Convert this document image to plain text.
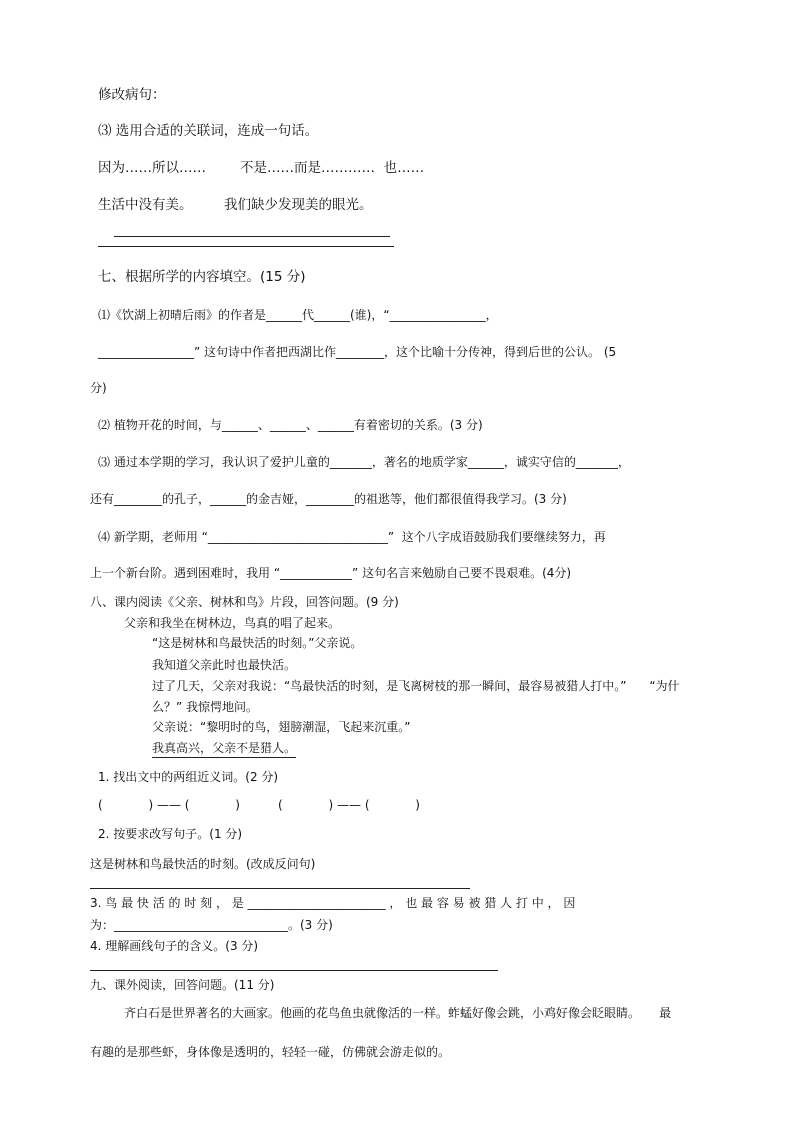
修改病句：
⑶ 选用合适的关联词，连成一句话。
因为……所以……	不是……而是…………  也……
生活中没有美。 我们缺少发现美的眼光。
七、根据所学的内容填空。(15 分)
⑴《饮湖上初晴后雨》的作者是______代______(谁)，“________________，
________________” 这句诗中作者把西湖比作________，这个比喻十分传神，得到后世的公认。 (5
分)
⑵ 植物开花的时间，与______、______、______有着密切的关系。(3 分)
⑶ 通过本学期的学习，我认识了爱护儿童的_______，著名的地质学家______，诚实守信的_______，
还有________的孔子，______的金吉娅，________的祖逖等，他们都很值得我学习。(3 分)
⑷ 新学期，老师用 “______________________________”  这个八字成语鼓励我们要继续努力，再
上一个新台阶。遇到困难时，我用 “____________” 这句名言来勉励自己要不畏艰难。(4分)
八、课内阅读《父亲、树林和鸟》片段，回答问题。(9 分)
父亲和我坐在树林边，鸟真的唱了起来。
“这是树林和鸟最快活的时刻。”父亲说。
我知道父亲此时也最快活。
过了几天，父亲对我说：“鸟最快活的时刻，是飞离树枝的那一瞬间，最容易被猎人打中。”      “为什
么？” 我惊愕地问。
父亲说：“黎明时的鸟，翅膀潮湿，飞起来沉重。”
我真高兴，父亲不是猎人。
1. 找出文中的两组近义词。(2 分)
(            ) —— (            )          (            ) —— (            )
2. 按要求改写句子。(1 分)
这是树林和鸟最快活的时刻。(改成反问句)
3. 鸟 最 快 活 的 时 刻 ， 是 _______________________ ， 也 最 容 易 被 猎 人 打 中 ， 因
为：_____________________________。(3 分)
4. 理解画线句子的含义。(3 分)
九、课外阅读，回答问题。(11 分)
齐白石是世界著名的大画家。他画的花鸟鱼虫就像活的一样。蚱蜢好像会跳，小鸡好像会眨眼睛。     最
有趣的是那些虾，身体像是透明的，轻轻一碰，仿佛就会游走似的。
